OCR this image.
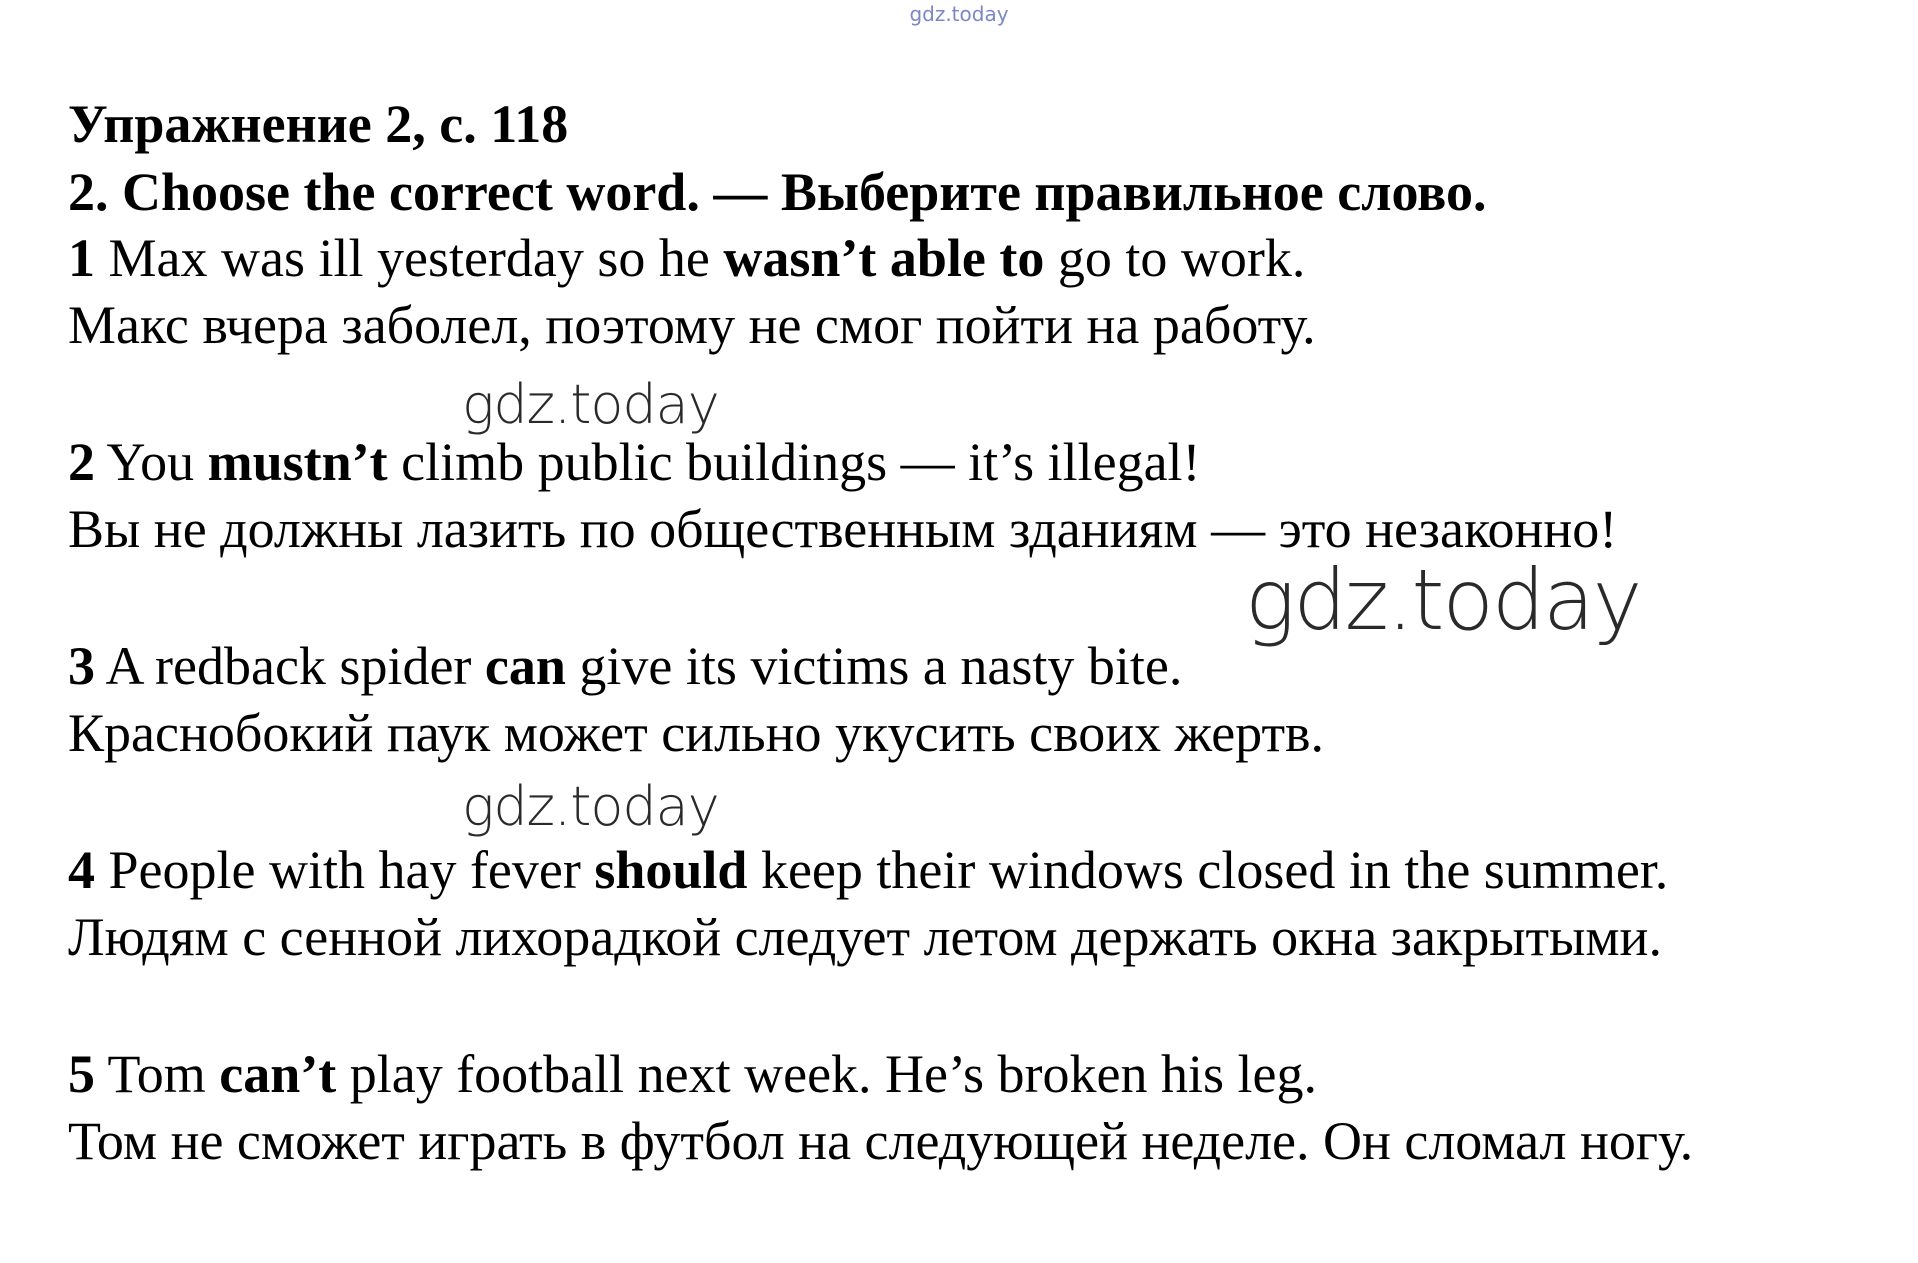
gdz.today
Упражнение 2, с. 118
2. Choose the correct word. — Выберите правильное слово.
1 Max was ill yesterday so he wasn’t able to go to work.
Макс вчера заболел, поэтому не смог пойти на работу.
2 You mustn’t climb public buildings — it’s illegal!
Вы не должны лазить по общественным зданиям — это незаконно!
3 A redback spider can give its victims a nasty bite.
Краснобокий паук может сильно укусить своих жертв.
4 People with hay fever should keep their windows closed in the summer.
Людям с сенной лихорадкой следует летом держать окна закрытыми.
5 Tom can’t play football next week. He’s broken his leg.
Том не сможет играть в футбол на следующей неделе. Он сломал ногу.
gdz.today
gdz.today
gdz.today
